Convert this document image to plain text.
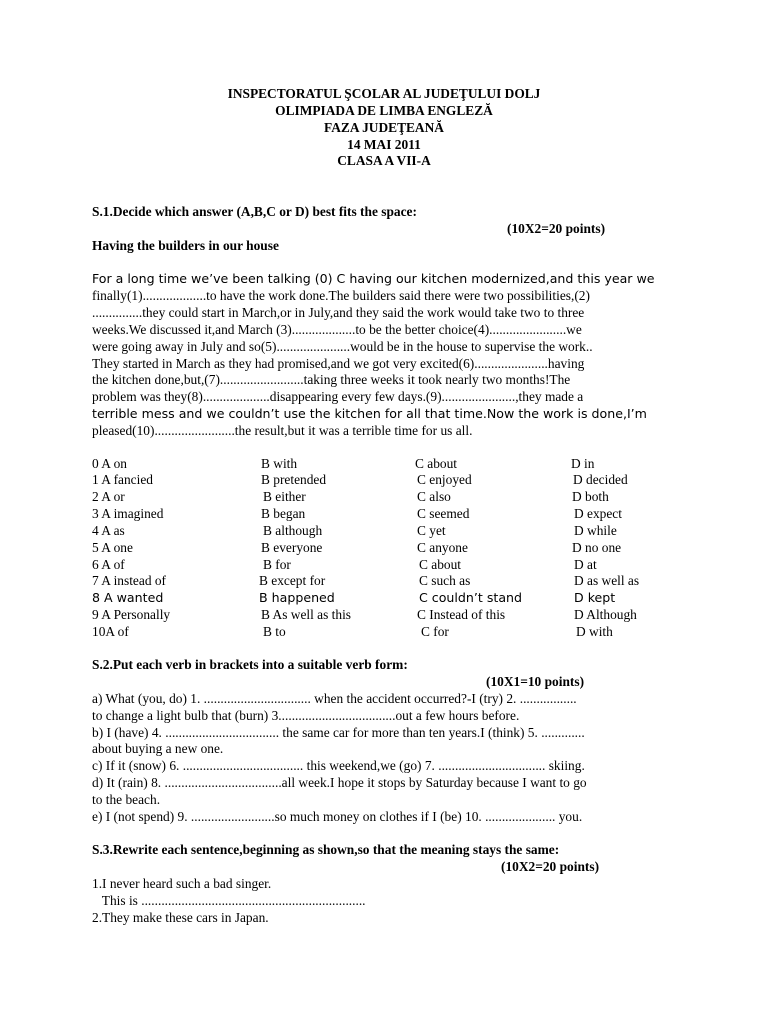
INSPECTORATUL ŞCOLAR AL JUDEŢULUI DOLJ
OLIMPIADA DE LIMBA ENGLEZĂ
FAZA JUDEŢEANĂ
14 MAI 2011
CLASA A VII-A
S.1.Decide which answer (A,B,C or D) best fits the space:
(10X2=20 points)
Having the builders in our house
For a long time we’ve been talking (0) C having our kitchen modernized,and this year we
finally(1)...................to have the work done.The builders said there were two possibilities,(2)
...............they could start in March,or in July,and they said the work would take two to three
weeks.We discussed it,and March (3)...................to be the better choice(4).......................we
were going away in July and so(5)......................would be in the house to supervise the work..
They started in March as they had promised,and we got very excited(6)......................having
the kitchen done,but,(7).........................taking three weeks it took nearly two months!The
problem was they(8)....................disappearing every few days.(9)......................,they made a
terrible mess and we couldn’t use the kitchen for all that time.Now the work is done,I’m
pleased(10)........................the result,but it was a terrible time for us all.
0 A on	B with	C about	D in
1 A fancied	B pretended	C enjoyed	D decided
2 A or	B either	C also	D both
3 A imagined	B began	C seemed	D expect
4 A as	B although	C yet	D while
5 A one	B everyone	C anyone	D no one
6 A of	B for	C about	D at
7 A instead of	B except for	C such as	D as well as
8 A wanted	B happened	C couldn’t stand	D kept
9 A Personally	B As well as this	C Instead of this	D Although
10A of	B to	C for	D with
S.2.Put each verb in brackets into a suitable verb form:
(10X1=10 points)
a) What (you, do) 1. ................................ when the accident occurred?-I (try) 2. .................
to change a light bulb that (burn) 3...................................out a few hours before.
b) I (have) 4. .................................. the same car for more than ten years.I (think) 5. .............
about buying a new one.
c) If it (snow) 6. .................................... this weekend,we (go) 7. ................................ skiing.
d) It (rain) 8. ...................................all week.I hope it stops by Saturday because I want to go
to the beach.
e) I (not spend) 9. .........................so much money on clothes if I (be) 10. ..................... you.
S.3.Rewrite each sentence,beginning as shown,so that the meaning stays the same:
(10X2=20 points)
1.I never heard such a bad singer.
This is ...................................................................
2.They make these cars in Japan.
